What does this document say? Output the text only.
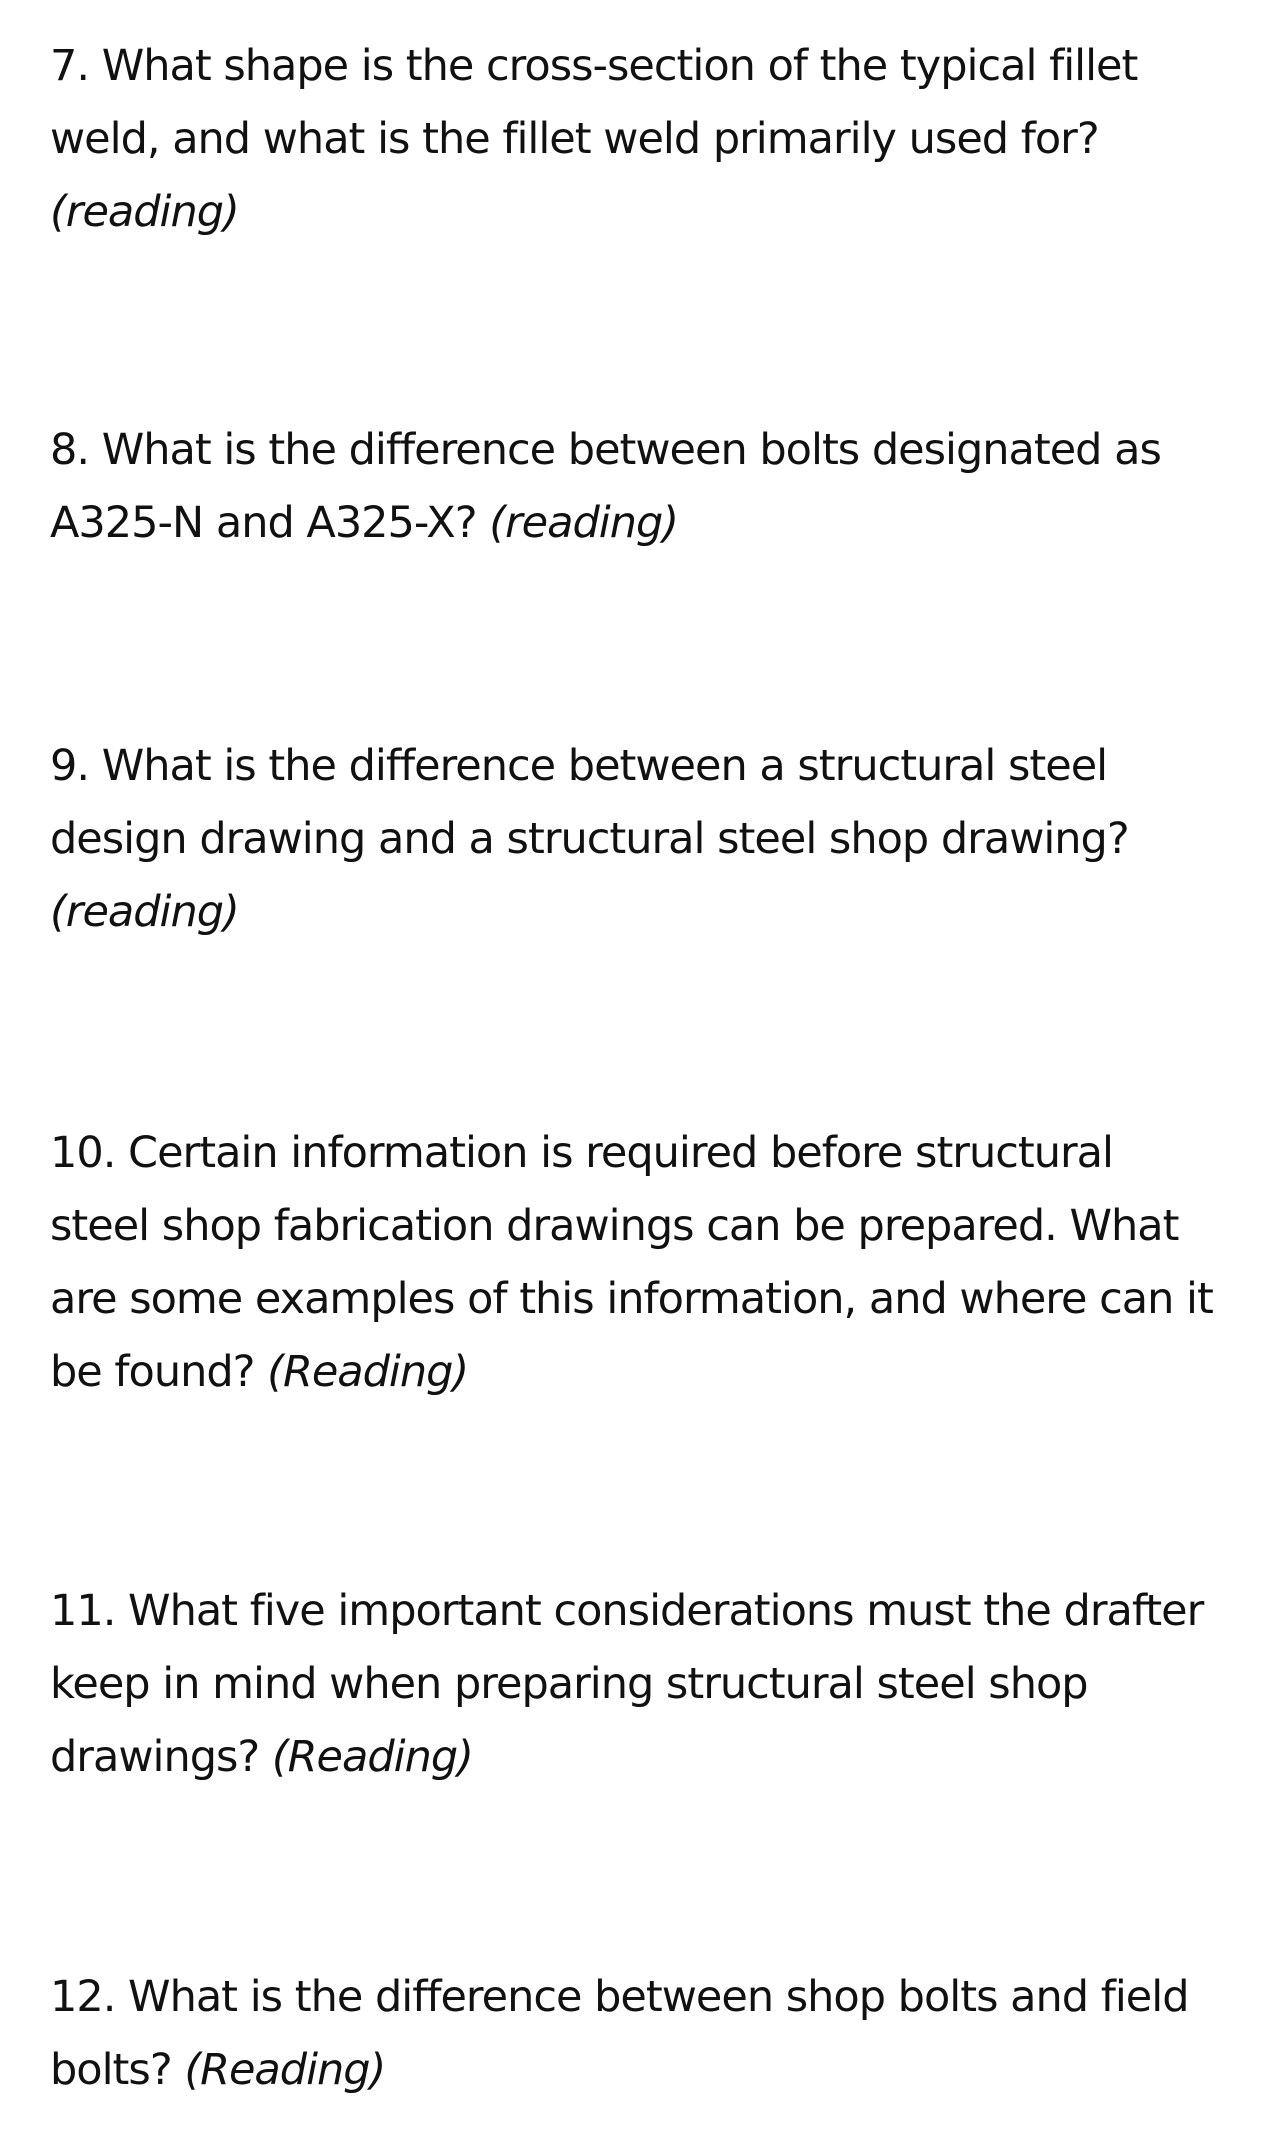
7. What shape is the cross-section of the typical fillet
weld, and what is the fillet weld primarily used for?
(reading)

8. What is the difference between bolts designated as
A325-N and A325-X? (reading)

9. What is the difference between a structural steel
design drawing and a structural steel shop drawing?
(reading)

10. Certain information is required before structural
steel shop fabrication drawings can be prepared. What
are some examples of this information, and where can it
be found? (Reading)

11. What five important considerations must the drafter
keep in mind when preparing structural steel shop
drawings? (Reading)

12. What is the difference between shop bolts and field
bolts? (Reading)
